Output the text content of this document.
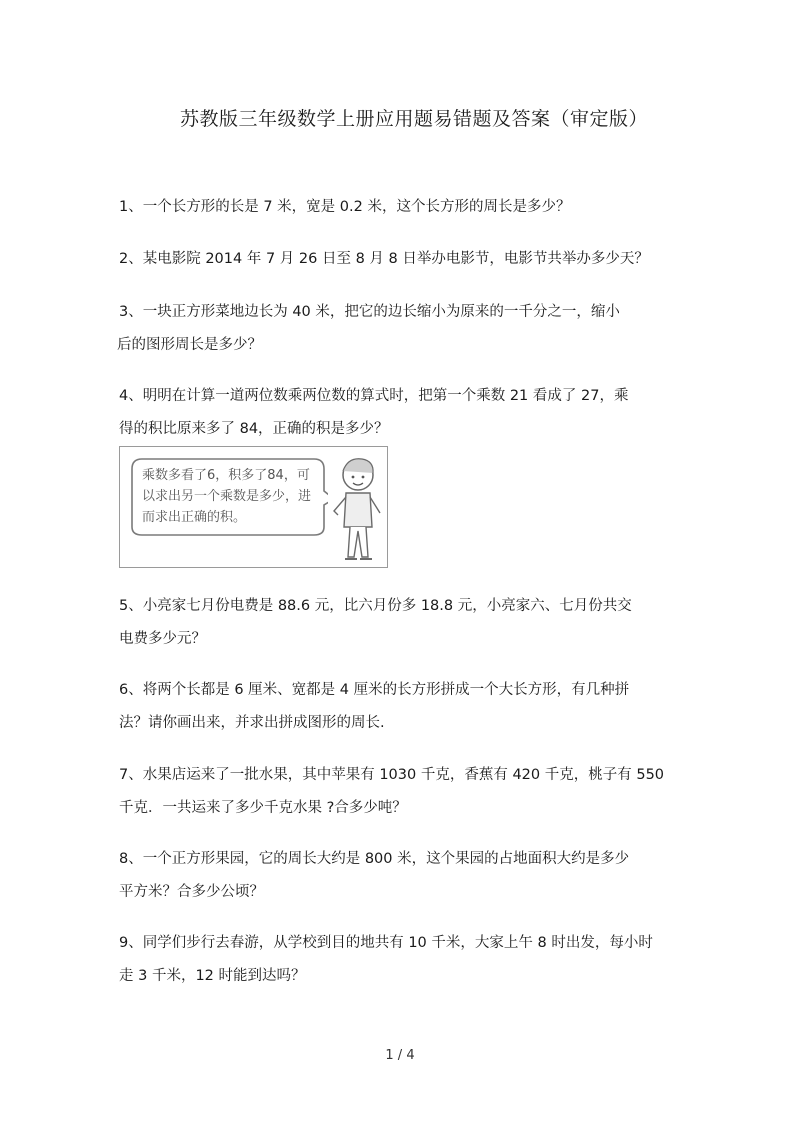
苏教版三年级数学上册应用题易错题及答案（审定版）
1、一个长方形的长是 7 米，宽是 0.2 米，这个长方形的周长是多少？
2、某电影院 2014 年 7 月 26 日至 8 月 8 日举办电影节，电影节共举办多少天？
3、一块正方形菜地边长为 40 米，把它的边长缩小为原来的一千分之一，缩小
后的图形周长是多少？
4、明明在计算一道两位数乘两位数的算式时，把第一个乘数 21 看成了 27，乘
得的积比原来多了 84，正确的积是多少？
乘数多看了6，积多了84，可以求出另一个乘数是多少，进而求出正确的积。
5、小亮家七月份电费是 88.6 元，比六月份多 18.8 元，小亮家六、七月份共交
电费多少元？
6、将两个长都是 6 厘米、宽都是 4 厘米的长方形拼成一个大长方形，有几种拼
法？请你画出来，并求出拼成图形的周长.
7、水果店运来了一批水果，其中苹果有 1030 千克，香蕉有 420 千克，桃子有 550
千克．一共运来了多少千克水果 ?合多少吨？
8、一个正方形果园，它的周长大约是 800 米，这个果园的占地面积大约是多少
平方米？合多少公顷？
9、同学们步行去春游，从学校到目的地共有 10 千米，大家上午 8 时出发，每小时
走 3 千米，12 时能到达吗？
1 / 4
